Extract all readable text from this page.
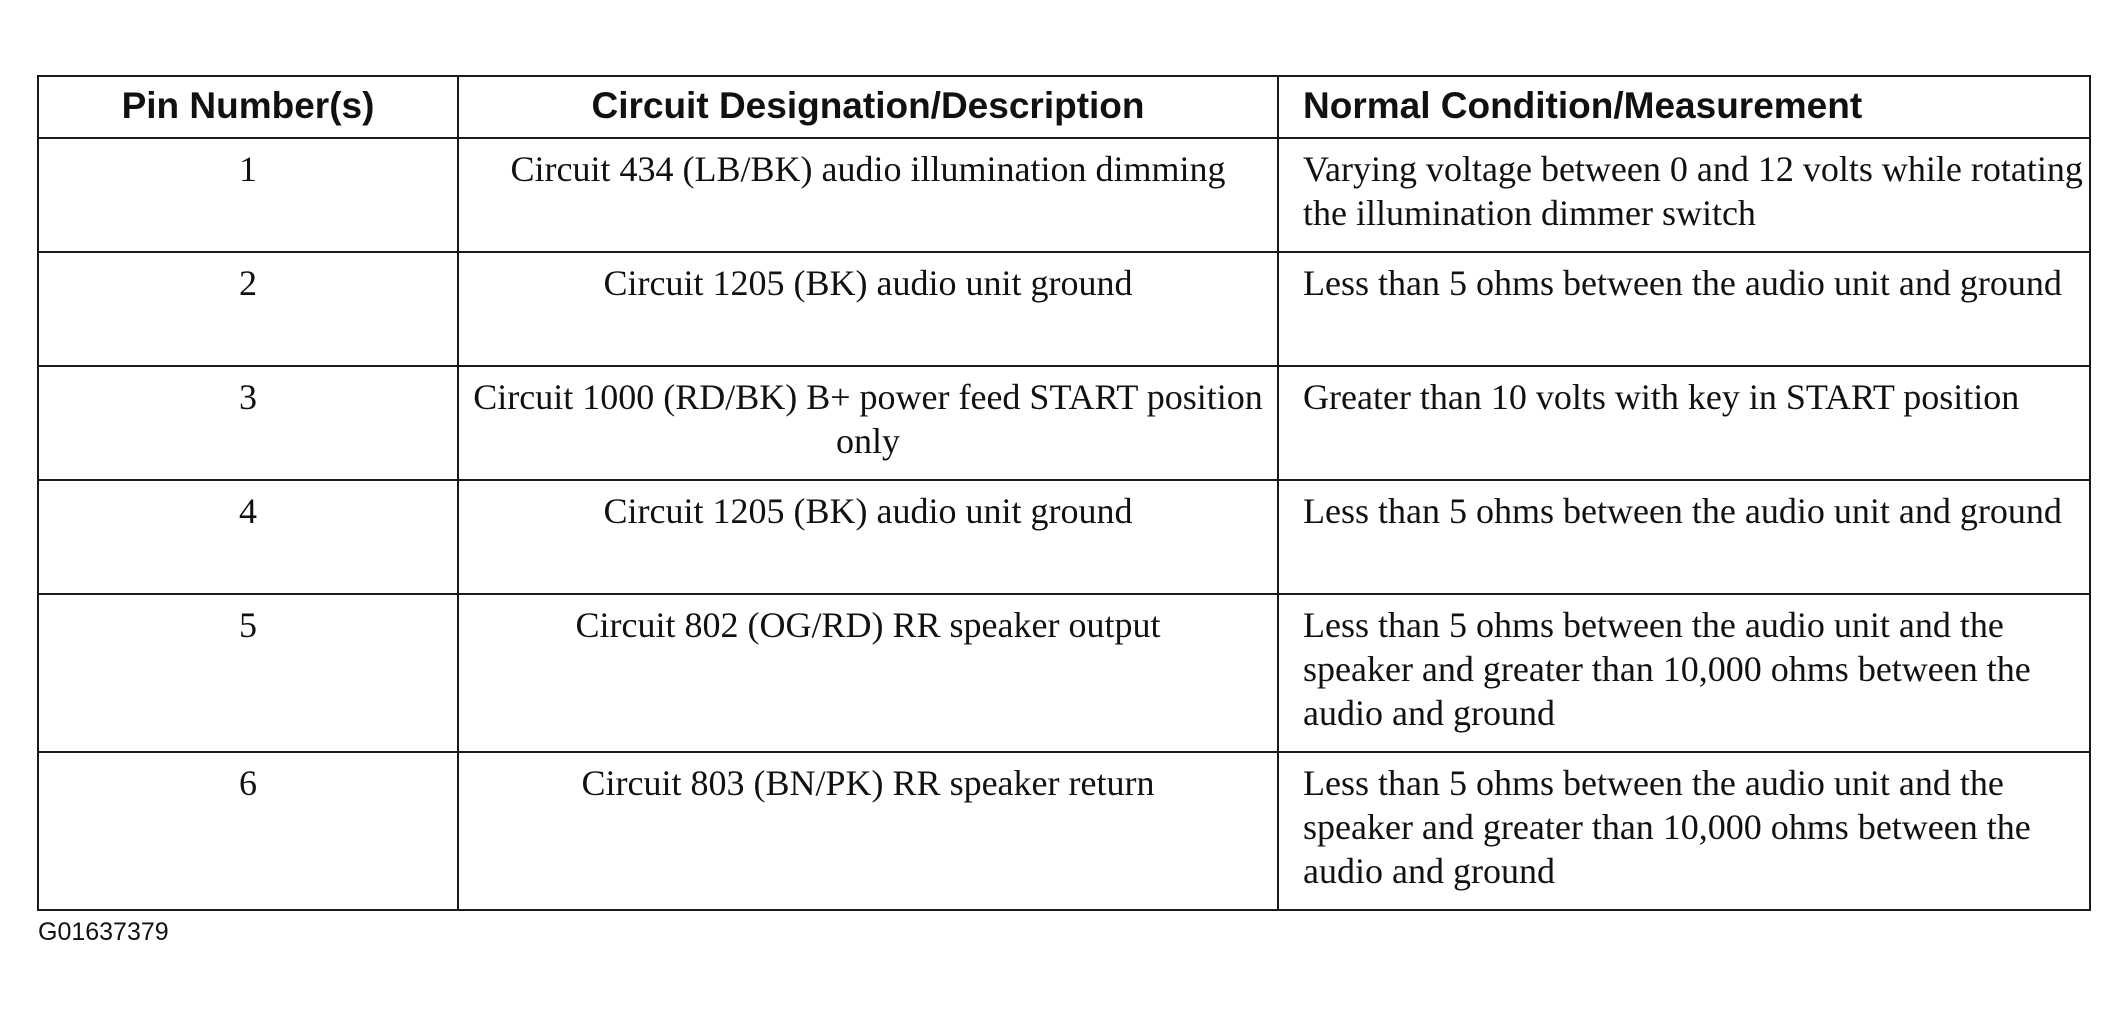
Pin Number(s)	Circuit Designation/Description	Normal Condition/Measurement
1	Circuit 434 (LB/BK) audio illumination dimming	Varying voltage between 0 and 12 volts while rotating the illumination dimmer switch
2	Circuit 1205 (BK) audio unit ground	Less than 5 ohms between the audio unit and ground
3	Circuit 1000 (RD/BK) B+ power feed START position only	Greater than 10 volts with key in START position
4	Circuit 1205 (BK) audio unit ground	Less than 5 ohms between the audio unit and ground
5	Circuit 802 (OG/RD) RR speaker output	Less than 5 ohms between the audio unit and the speaker and greater than 10,000 ohms between the audio and ground
6	Circuit 803 (BN/PK) RR speaker return	Less than 5 ohms between the audio unit and the speaker and greater than 10,000 ohms between the audio and ground
G01637379
